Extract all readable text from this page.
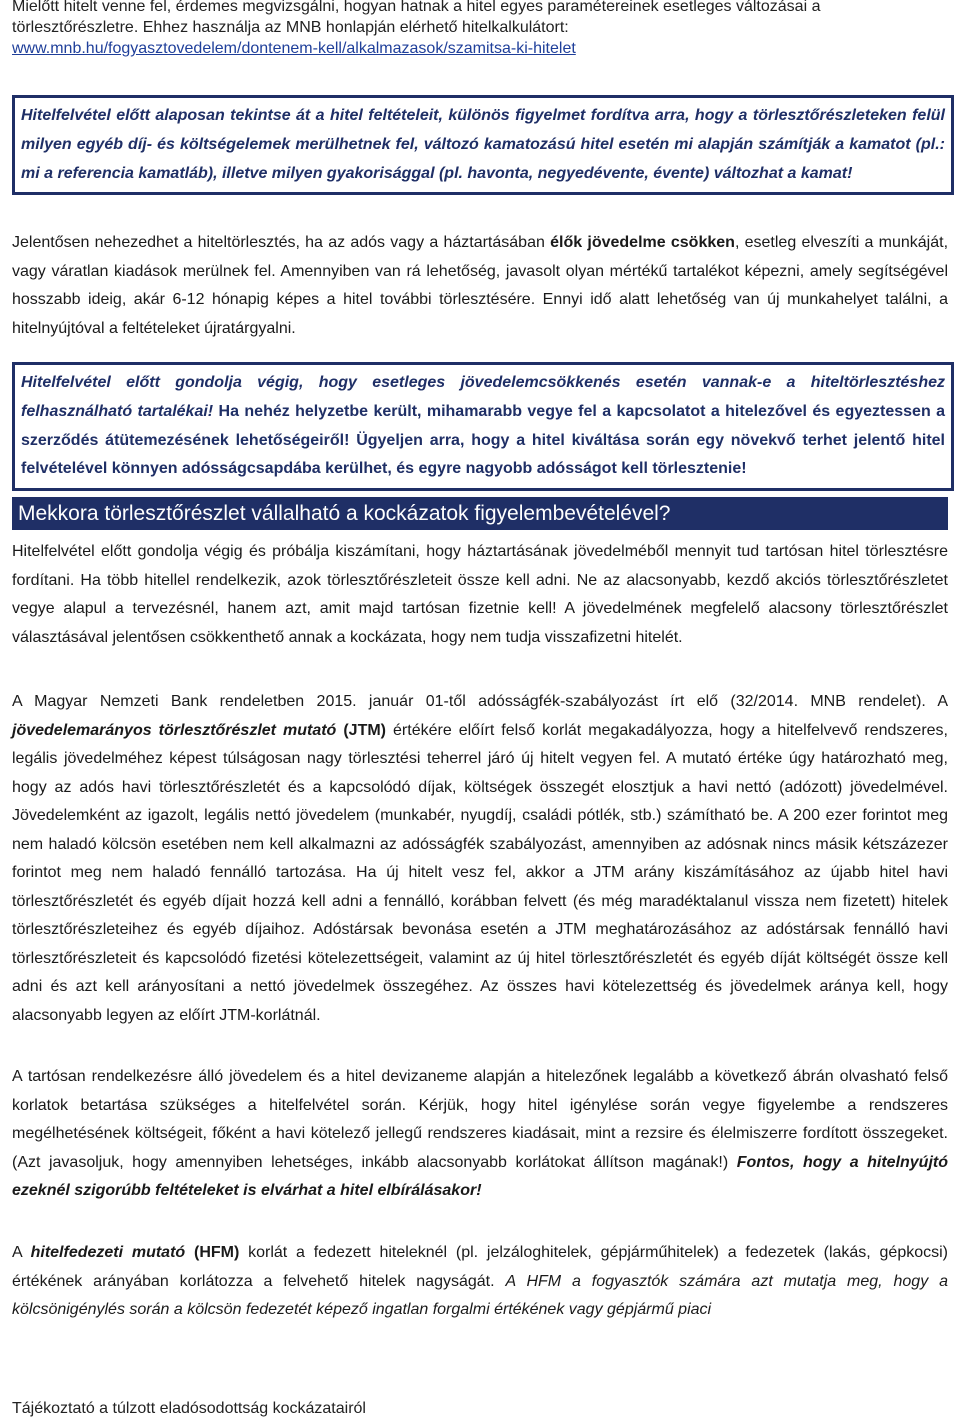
Mielőtt hitelt venne fel, érdemes megvizsgálni, hogyan hatnak a hitel egyes paramétereinek esetleges változásai a

törlesztőrészletre. Ehhez használja az MNB honlapján elérhető hitelkalkulátort:

www.mnb.hu/fogyasztovedelem/dontenem-kell/alkalmazasok/szamitsa-ki-hitelet

Hitelfelvétel előtt alaposan tekintse át a hitel feltételeit, különös figyelmet fordítva arra, hogy a törlesztőrészleteken felül milyen egyéb díj- és költségelemek merülhetnek fel, változó kamatozású hitel esetén mi alapján számítják a kamatot (pl.: mi a referencia kamatláb), illetve milyen gyakorisággal (pl. havonta, negyedévente, évente) változhat a kamat!

Jelentősen nehezedhet a hiteltörlesztés, ha az adós vagy a háztartásában élők jövedelme csökken, esetleg elveszíti a munkáját, vagy váratlan kiadások merülnek fel. Amennyiben van rá lehetőség, javasolt olyan mértékű tartalékot képezni, amely segítségével hosszabb ideig, akár 6-12 hónapig képes a hitel további törlesztésére. Ennyi idő alatt lehetőség van új munkahelyet találni, a hitelnyújtóval a feltételeket újratárgyalni.

Hitelfelvétel előtt gondolja végig, hogy esetleges jövedelemcsökkenés esetén vannak-e a hiteltörlesztéshez felhasználható tartalékai! Ha nehéz helyzetbe került, mihamarabb vegye fel a kapcsolatot a hitelezővel és egyeztessen a szerződés átütemezésének lehetőségeiről! Ügyeljen arra, hogy a hitel kiváltása során egy növekvő terhet jelentő hitel felvételével könnyen adósságcsapdába kerülhet, és egyre nagyobb adósságot kell törlesztenie!

Mekkora törlesztőrészlet vállalható a kockázatok figyelembevételével?

Hitelfelvétel előtt gondolja végig és próbálja kiszámítani, hogy háztartásának jövedelméből mennyit tud tartósan hitel törlesztésre fordítani. Ha több hitellel rendelkezik, azok törlesztőrészleteit össze kell adni. Ne az alacsonyabb, kezdő akciós törlesztőrészletet vegye alapul a tervezésnél, hanem azt, amit majd tartósan fizetnie kell! A jövedelmének megfelelő alacsony törlesztőrészlet választásával jelentősen csökkenthető annak a kockázata, hogy nem tudja visszafizetni hitelét.

A Magyar Nemzeti Bank rendeletben 2015. január 01-től adósságfék-szabályozást írt elő (32/2014. MNB rendelet). A jövedelemarányos törlesztőrészlet mutató (JTM) értékére előírt felső korlát megakadályozza, hogy a hitelfelvevő rendszeres, legális jövedelméhez képest túlságosan nagy törlesztési teherrel járó új hitelt vegyen fel. A mutató értéke úgy határozható meg, hogy az adós havi törlesztőrészletét és a kapcsolódó díjak, költségek összegét elosztjuk a havi nettó (adózott) jövedelmével. Jövedelemként az igazolt, legális nettó jövedelem (munkabér, nyugdíj, családi pótlék, stb.) számítható be. A 200 ezer forintot meg nem haladó kölcsön esetében nem kell alkalmazni az adósságfék szabályozást, amennyiben az adósnak nincs másik kétszázezer forintot meg nem haladó fennálló tartozása. Ha új hitelt vesz fel, akkor a JTM arány kiszámításához az újabb hitel havi törlesztőrészletét és egyéb díjait hozzá kell adni a fennálló, korábban felvett (és még maradéktalanul vissza nem fizetett) hitelek törlesztőrészleteihez és egyéb díjaihoz. Adóstársak bevonása esetén a JTM meghatározásához az adóstársak fennálló havi törlesztőrészleteit és kapcsolódó fizetési kötelezettségeit, valamint az új hitel törlesztőrészletét és egyéb díját költségét össze kell adni és azt kell arányosítani a nettó jövedelmek összegéhez. Az összes havi kötelezettség és jövedelmek aránya kell, hogy alacsonyabb legyen az előírt JTM-korlátnál.

A tartósan rendelkezésre álló jövedelem és a hitel devizaneme alapján a hitelezőnek legalább a következő ábrán olvasható felső korlatok betartása szükséges a hitelfelvétel során. Kérjük, hogy hitel igénylése során vegye figyelembe a rendszeres megélhetésének költségeit, főként a havi kötelező jellegű rendszeres kiadásait, mint a rezsire és élelmiszerre fordított összegeket. (Azt javasoljuk, hogy amennyiben lehetséges, inkább alacsonyabb korlátokat állítson magának!) Fontos, hogy a hitelnyújtó ezeknél szigorúbb feltételeket is elvárhat a hitel elbírálásakor!

A hitelfedezeti mutató (HFM) korlát a fedezett hiteleknél (pl. jelzáloghitelek, gépjárműhitelek) a fedezetek (lakás, gépkocsi) értékének arányában korlátozza a felvehető hitelek nagyságát. A HFM a fogyasztók számára azt mutatja meg, hogy a kölcsönigénylés során a kölcsön fedezetét képező ingatlan forgalmi értékének vagy gépjármű piaci

Tájékoztató a túlzott eladósodottság kockázatairól
